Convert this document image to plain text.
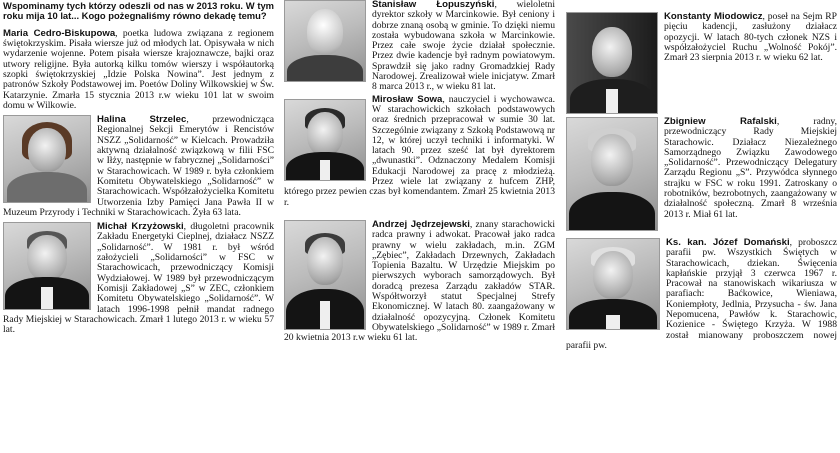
Wspominamy tych którzy odeszli od nas w 2013 roku. W tym roku mija 10 lat... Kogo pożegnaliśmy równo dekadę temu?

Maria Cedro-Biskupowa, poetka ludowa związana z regionem świętokrzyskim. Pisała wiersze już od młodych lat. Opisywała w nich wydarzenie wojenne. Potem pisała wiersze krajoznawcze, bajki oraz utwory religijne. Była autorką kilku tomów wierszy i współautorką szopki świętokrzyskiej „Idzie Polska Nowina”. Jest jednym z patronów Szkoły Podstawowej im. Poetów Doliny Wilkowskiej w Św. Katarzynie. Zmarła 15 stycznia 2013 r.w wieku 101 lat w swoim domu w Wilkowie.

Halina Strzelec, przewodnicząca Regionalnej Sekcji Emerytów i Rencistów NSZZ „Solidarność” w Kielcach. Prowadziła aktywną działalność związkową w filii FSC w Iłży, następnie w fabrycznej „Solidarności” w Starachowicach. W 1989 r. była członkiem Komitetu Obywatelskiego „Solidarność” w Starachowicach. Współzałożycielka Komitetu Utworzenia Izby Pamięci Jana Pawła II w Muzeum Przyrody i Techniki w Starachowicach. Żyła 63 lata.

Michał Krzyżowski, długoletni pracownik Zakładu Energetyki Cieplnej, działacz NSZZ „Solidarność”. W 1981 r. był wśród założycieli „Solidarności” w FSC w Starachowicach, przewodniczący Komisji Wydziałowej. W 1989 był przewodniczącym Komisji Zakładowej „S” w ZEC, członkiem Komitetu Obywatelskiego „Solidarność”. W latach 1996-1998 pełnił mandat radnego Rady Miejskiej w Starachowicach. Zmarł 1 lutego 2013 r. w wieku 57 lat.

Stanisław Łopuszyński, wieloletni dyrektor szkoły w Marcinkowie. Był ceniony i dobrze znaną osobą w gminie. To dzięki niemu została wybudowana szkoła w Marcinkowie. Przez całe swoje życie działał społecznie. Przez dwie kadencje był radnym powiatowym. Sprawdził się jako radny Gromadzkiej Rady Narodowej. Zrealizował wiele inicjatyw. Zmarł 8 marca 2013 r., w wieku 81 lat.

Mirosław Sowa, nauczyciel i wychowawca. W starachowickich szkołach podstawowych oraz średnich przepracował w sumie 30 lat. Szczególnie związany z Szkołą Podstawową nr 12, w której uczył techniki i informatyki. W latach 90. przez sześć lat był dyrektorem „dwunastki”. Odznaczony Medalem Komisji Edukacji Narodowej za pracę z młodzieżą. Przez wiele lat związany z hufcem ZHP, którego przez pewien czas był komendantem. Zmarł 25 kwietnia 2013 r.

Andrzej Jędrzejewski, znany starachowicki radca prawny i adwokat. Pracował jako radca prawny w wielu zakładach, m.in. ZGM „Zębiec”, Zakładach Drzewnych, Zakładach Topienia Bazaltu. W Urzędzie Miejskim po pierwszych wyborach samorządowych. Był doradcą prezesa Zarządu zakładów STAR. Współtworzył statut Specjalnej Strefy Ekonomicznej. W latach 80. zaangażowany w działalność opozycyjną. Członek Komitetu Obywatelskiego „Solidarność” w 1989 r. Zmarł 20 kwietnia 2013 r.w wieku 61 lat.

Konstanty Miodowicz, poseł na Sejm RP pięciu kadencji, zasłużony działacz opozycji. W latach 80-tych członek NZS i współzałożyciel Ruchu „Wolność Pokój”. Zmarł 23 sierpnia 2013 r. w wieku 62 lat.

Zbigniew Rafalski, radny, przewodniczący Rady Miejskiej Starachowic. Działacz Niezależnego Samorządnego Związku Zawodowego „Solidarność”. Przewodniczący Delegatury Zarządu Regionu „S”. Przywódca słynnego strajku w FSC w roku 1991. Zatroskany o robotników, bezrobotnych, zaangażowany w działalność społeczną. Zmarł 8 września 2013 r. Miał 61 lat.

Ks. kan. Józef Domański, proboszcz parafii pw. Wszystkich Świętych w Starachowicach, dziekan. Święcenia kapłańskie przyjął 3 czerwca 1967 r. Pracował na stanowiskach wikariusza w parafiach: Baćkowice, Wieniawa, Koniempłoty, Jedlnia, Przysucha - św. Jana Nepomucena, Pawłów k. Starachowic, Kozienice - Świętego Krzyża. W 1988 został mianowany proboszczem nowej parafii pw.
